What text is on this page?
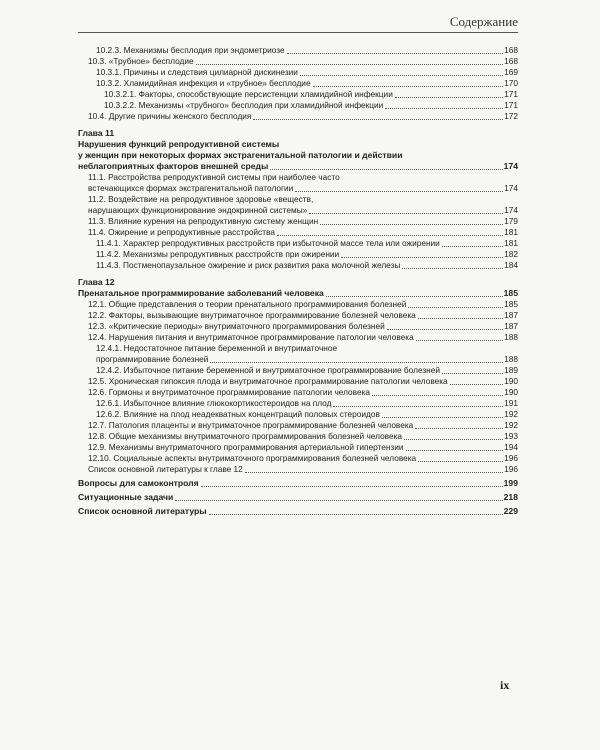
Содержание
10.2.3. Механизмы бесплодия при эндометриозе	168
10.3. «Трубное» бесплодие	168
10.3.1. Причины и следствия цилиарной дискинезии	169
10.3.2. Хламидийная инфекция и «трубное» бесплодие	170
10.3.2.1. Факторы, способствующие персистенции хламидийной инфекции	171
10.3.2.2. Механизмы «трубного» бесплодия при хламидийной инфекции	171
10.4. Другие причины женского бесплодия	172
Глава 11
Нарушения функций репродуктивной системы
у женщин при некоторых формах экстрагенитальной патологии и действии
неблагоприятных факторов внешней среды	174
11.1. Расстройства репродуктивной системы при наиболее часто
встечающихся формах экстрагенитальной патологии	174
11.2. Воздействие на репродуктивное здоровье «веществ,
нарушающих функционирование эндокринной системы»	174
11.3. Влияние курения на репродуктивную систему женщин	179
11.4. Ожирение и репродуктивные расстройства	181
11.4.1. Характер репродуктивных расстройств при избыточной массе тела или ожирении	181
11.4.2. Механизмы репродуктивных расстройств при ожирении	182
11.4.3. Постменопаузальное ожирение и риск развития рака молочной железы	184
Глава 12
Пренатальное программирование заболеваний человека	185
12.1. Общие представления о теории пренатального программирования болезней	185
12.2. Факторы, вызывающие внутриматочное программирование болезней человека	187
12.3. «Критические периоды» внутриматочного программирования болезней	187
12.4. Нарушения питания и внутриматочное программирование патологии человека	188
12.4.1. Недостаточное питание беременной и внутриматочное
программирование болезней	188
12.4.2. Избыточное питание беременной и внутриматочное программирование болезней	189
12.5. Хроническая гипоксия плода и внутриматочное программирование патологии человека	190
12.6. Гормоны и внутриматочное программирование патологии человека	190
12.6.1. Избыточное влияние глюкокортикостероидов на плод	191
12.6.2. Влияние на плод неадекватных концентраций половых стероидов	192
12.7. Патология плаценты и внутриматочное программирование болезней человека	192
12.8. Общие механизмы внутриматочного программирования болезней человека	193
12.9. Механизмы внутриматочного программирования артериальной гипертензии	194
12.10. Социальные аспекты внутриматочного программирования болезней человека	196
Список основной литературы к главе 12	196
Вопросы для самоконтроля	199
Ситуационные задачи	218
Список основной литературы	229
ix
